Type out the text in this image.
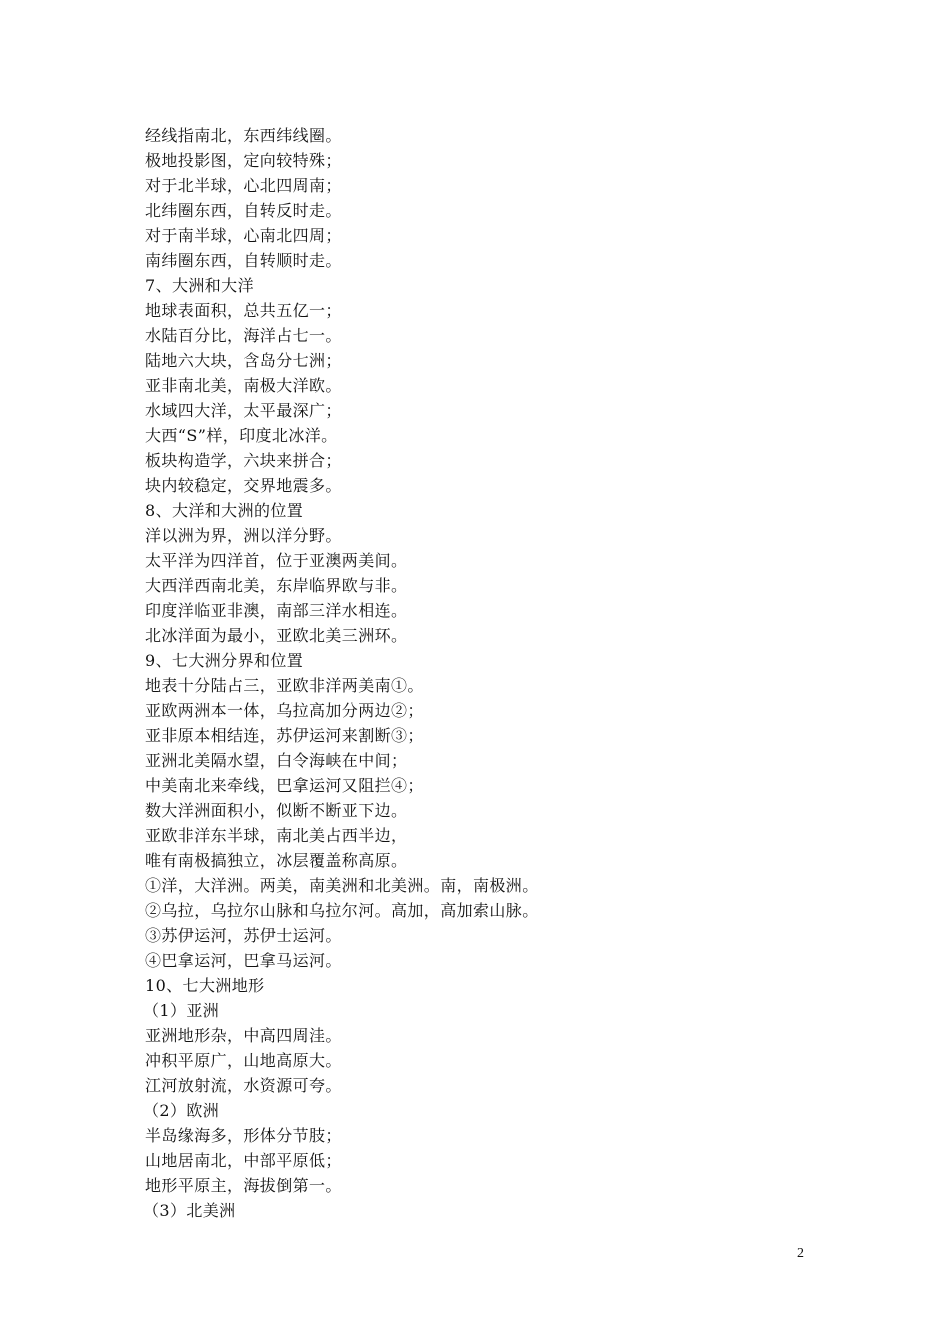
经线指南北，东西纬线圈。
极地投影图，定向较特殊；
对于北半球，心北四周南；
北纬圈东西，自转反时走。
对于南半球，心南北四周；
南纬圈东西，自转顺时走。
7、大洲和大洋
地球表面积，总共五亿一；
水陆百分比，海洋占七一。
陆地六大块，含岛分七洲；
亚非南北美，南极大洋欧。
水域四大洋，太平最深广；
大西“S”样，印度北冰洋。
板块构造学，六块来拼合；
块内较稳定，交界地震多。
8、大洋和大洲的位置
洋以洲为界，洲以洋分野。
太平洋为四洋首，位于亚澳两美间。
大西洋西南北美，东岸临界欧与非。
印度洋临亚非澳，南部三洋水相连。
北冰洋面为最小，亚欧北美三洲环。
9、七大洲分界和位置
地表十分陆占三，亚欧非洋两美南①。
亚欧两洲本一体，乌拉高加分两边②；
亚非原本相结连，苏伊运河来割断③；
亚洲北美隔水望，白令海峡在中间；
中美南北来牵线，巴拿运河又阻拦④；
数大洋洲面积小，似断不断亚下边。
亚欧非洋东半球，南北美占西半边，
唯有南极搞独立，冰层覆盖称高原。
①洋，大洋洲。两美，南美洲和北美洲。南，南极洲。
②乌拉，乌拉尔山脉和乌拉尔河。高加，高加索山脉。
③苏伊运河，苏伊士运河。
④巴拿运河，巴拿马运河。
10、七大洲地形
（1）亚洲
亚洲地形杂，中高四周洼。
冲积平原广，山地高原大。
江河放射流，水资源可夸。
（2）欧洲
半岛缘海多，形体分节肢；
山地居南北，中部平原低；
地形平原主，海拔倒第一。
（3）北美洲
2
